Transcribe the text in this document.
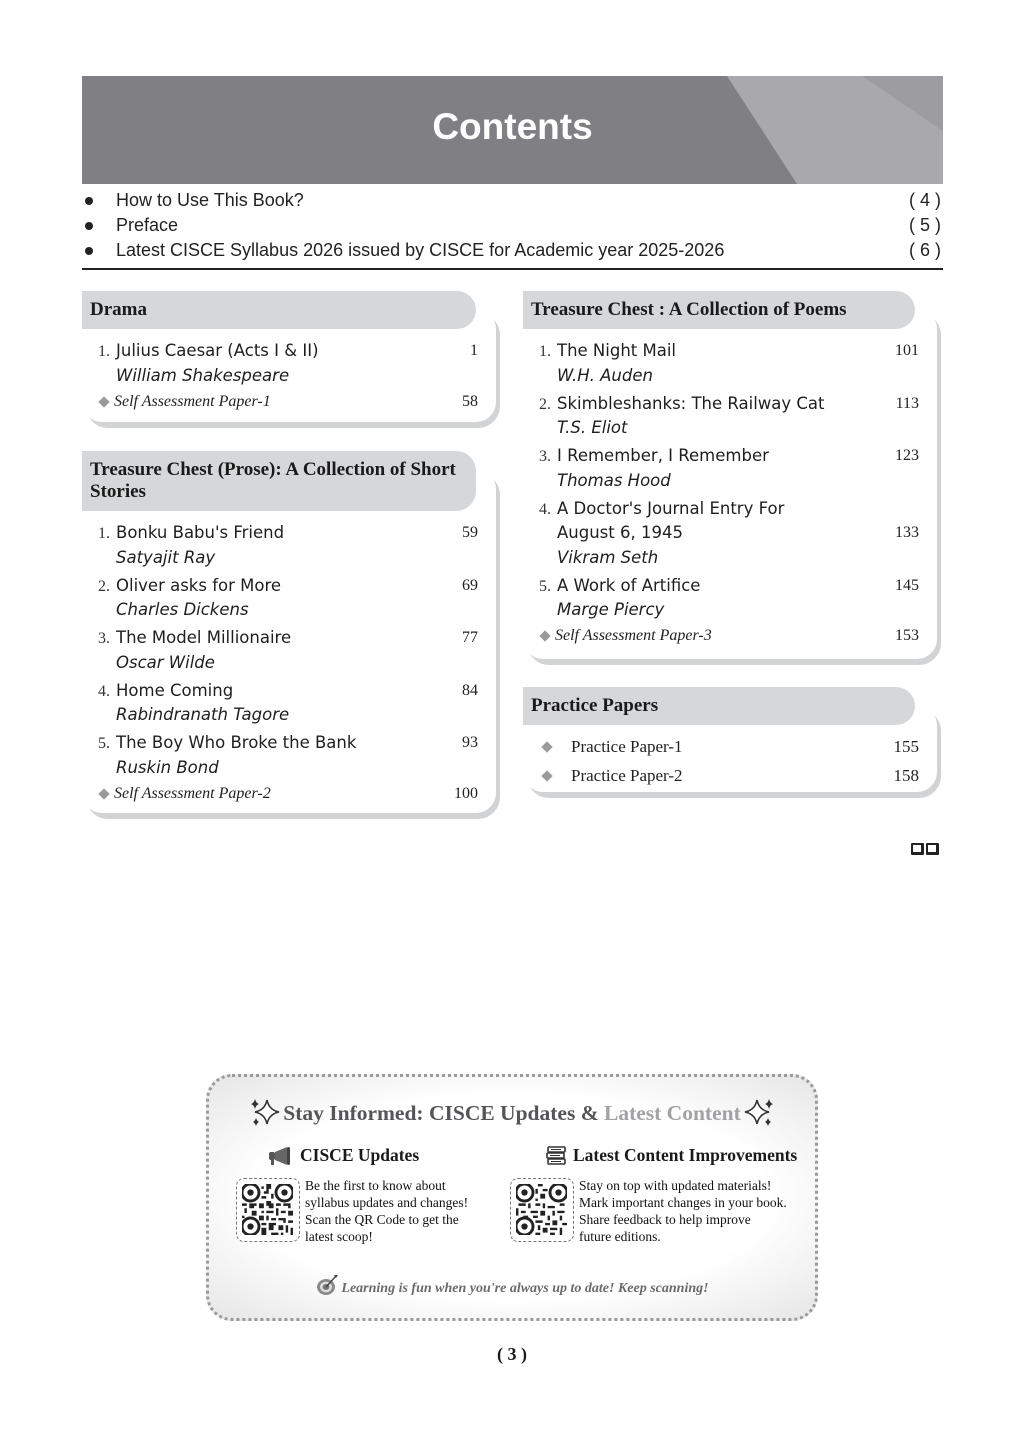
Contents
How to Use This Book?	( 4 )
Preface	( 5 )
Latest CISCE Syllabus 2026 issued by CISCE for Academic year 2025-2026	( 6 )
Drama
1. Julius Caesar (Acts I & II)	1
William Shakespeare
Self Assessment Paper-1	58
Treasure Chest (Prose): A Collection of Short Stories
1. Bonku Babu's Friend	59
Satyajit Ray
2. Oliver asks for More	69
Charles Dickens
3. The Model Millionaire	77
Oscar Wilde
4. Home Coming	84
Rabindranath Tagore
5. The Boy Who Broke the Bank	93
Ruskin Bond
Self Assessment Paper-2	100
Treasure Chest : A Collection of Poems
1. The Night Mail	101
W.H. Auden
2. Skimbleshanks: The Railway Cat	113
T.S. Eliot
3. I Remember, I Remember	123
Thomas Hood
4. A Doctor's Journal Entry For
August 6, 1945	133
Vikram Seth
5. A Work of Artifice	145
Marge Piercy
Self Assessment Paper-3	153
Practice Papers
Practice Paper-1	155
Practice Paper-2	158
Stay Informed: CISCE Updates & Latest Content
CISCE Updates
Be the first to know about
syllabus updates and changes!
Scan the QR Code to get the
latest scoop!
Latest Content Improvements
Stay on top with updated materials!
Mark important changes in your book.
Share feedback to help improve
future editions.
Learning is fun when you're always up to date! Keep scanning!
( 3 )
